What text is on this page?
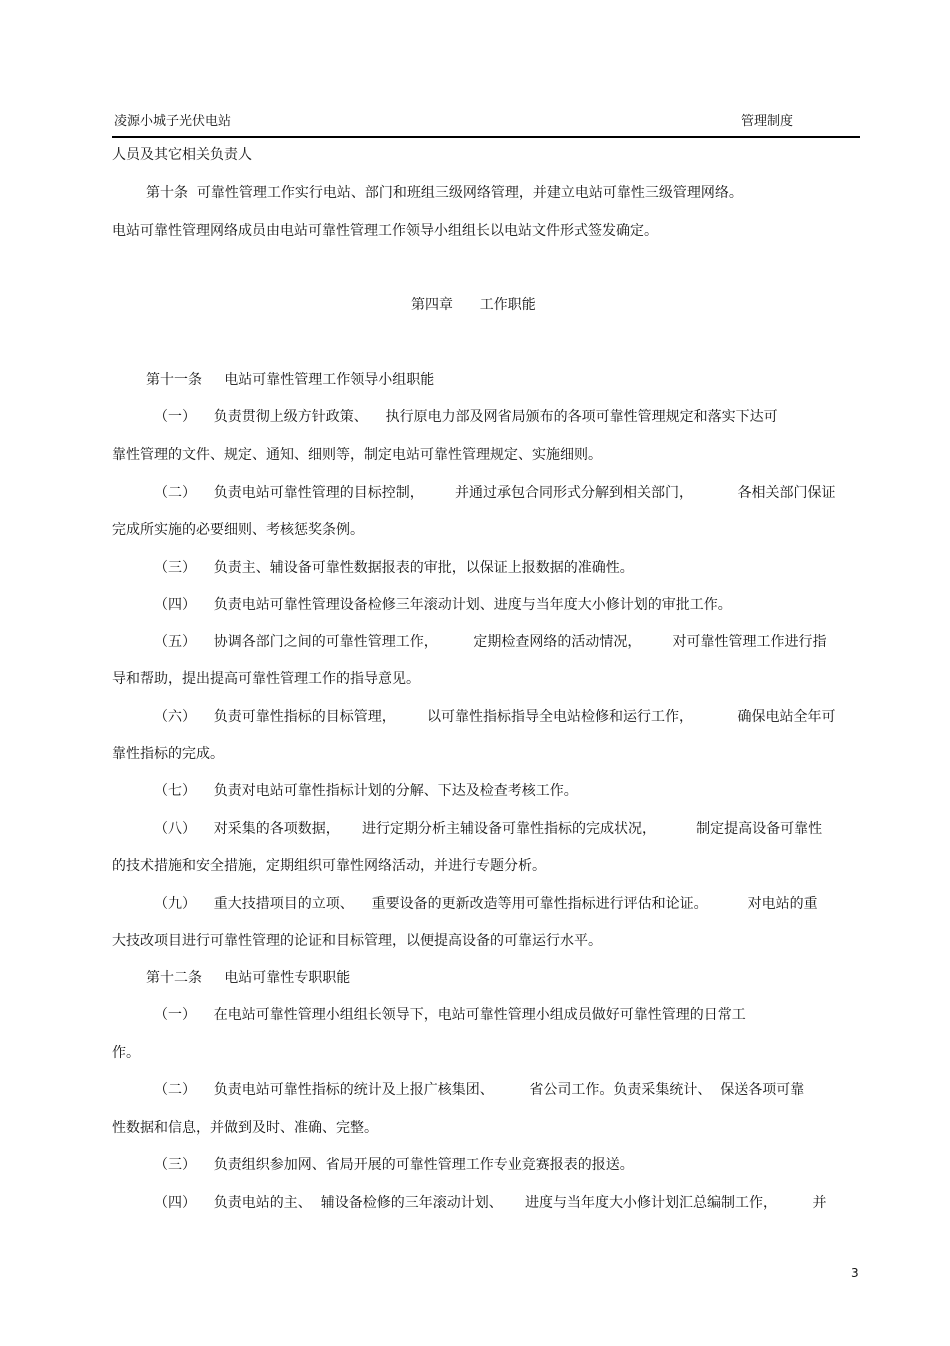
凌源小城子光伏电站	管理制度
人员及其它相关负责人
第十条  可靠性管理工作实行电站、部门和班组三级网络管理，并建立电站可靠性三级管理网络。
电站可靠性管理网络成员由电站可靠性管理工作领导小组组长以电站文件形式签发确定。
第四章      工作职能
第十一条     电站可靠性管理工作领导小组职能
（一）    负责贯彻上级方针政策、    执行原电力部及网省局颁布的各项可靠性管理规定和落实下达可
靠性管理的文件、规定、通知、细则等，制定电站可靠性管理规定、实施细则。
（二）    负责电站可靠性管理的目标控制，       并通过承包合同形式分解到相关部门，          各相关部门保证
完成所实施的必要细则、考核惩奖条例。
（三）    负责主、辅设备可靠性数据报表的审批，以保证上报数据的准确性。
（四）    负责电站可靠性管理设备检修三年滚动计划、进度与当年度大小修计划的审批工作。
（五）    协调各部门之间的可靠性管理工作，        定期检查网络的活动情况，       对可靠性管理工作进行指
导和帮助，提出提高可靠性管理工作的指导意见。
（六）    负责可靠性指标的目标管理，       以可靠性指标指导全电站检修和运行工作，          确保电站全年可
靠性指标的完成。
（七）    负责对电站可靠性指标计划的分解、下达及检查考核工作。
（八）    对采集的各项数据，     进行定期分析主辅设备可靠性指标的完成状况，         制定提高设备可靠性
的技术措施和安全措施，定期组织可靠性网络活动，并进行专题分析。
（九）    重大技措项目的立项、    重要设备的更新改造等用可靠性指标进行评估和论证。         对电站的重
大技改项目进行可靠性管理的论证和目标管理，以便提高设备的可靠运行水平。
第十二条     电站可靠性专职职能
（一）    在电站可靠性管理小组组长领导下，电站可靠性管理小组成员做好可靠性管理的日常工
作。
（二）    负责电站可靠性指标的统计及上报广核集团、        省公司工作。负责采集统计、  保送各项可靠
性数据和信息，并做到及时、准确、完整。
（三）    负责组织参加网、省局开展的可靠性管理工作专业竞赛报表的报送。
（四）    负责电站的主、  辅设备检修的三年滚动计划、     进度与当年度大小修计划汇总编制工作，        并
3
